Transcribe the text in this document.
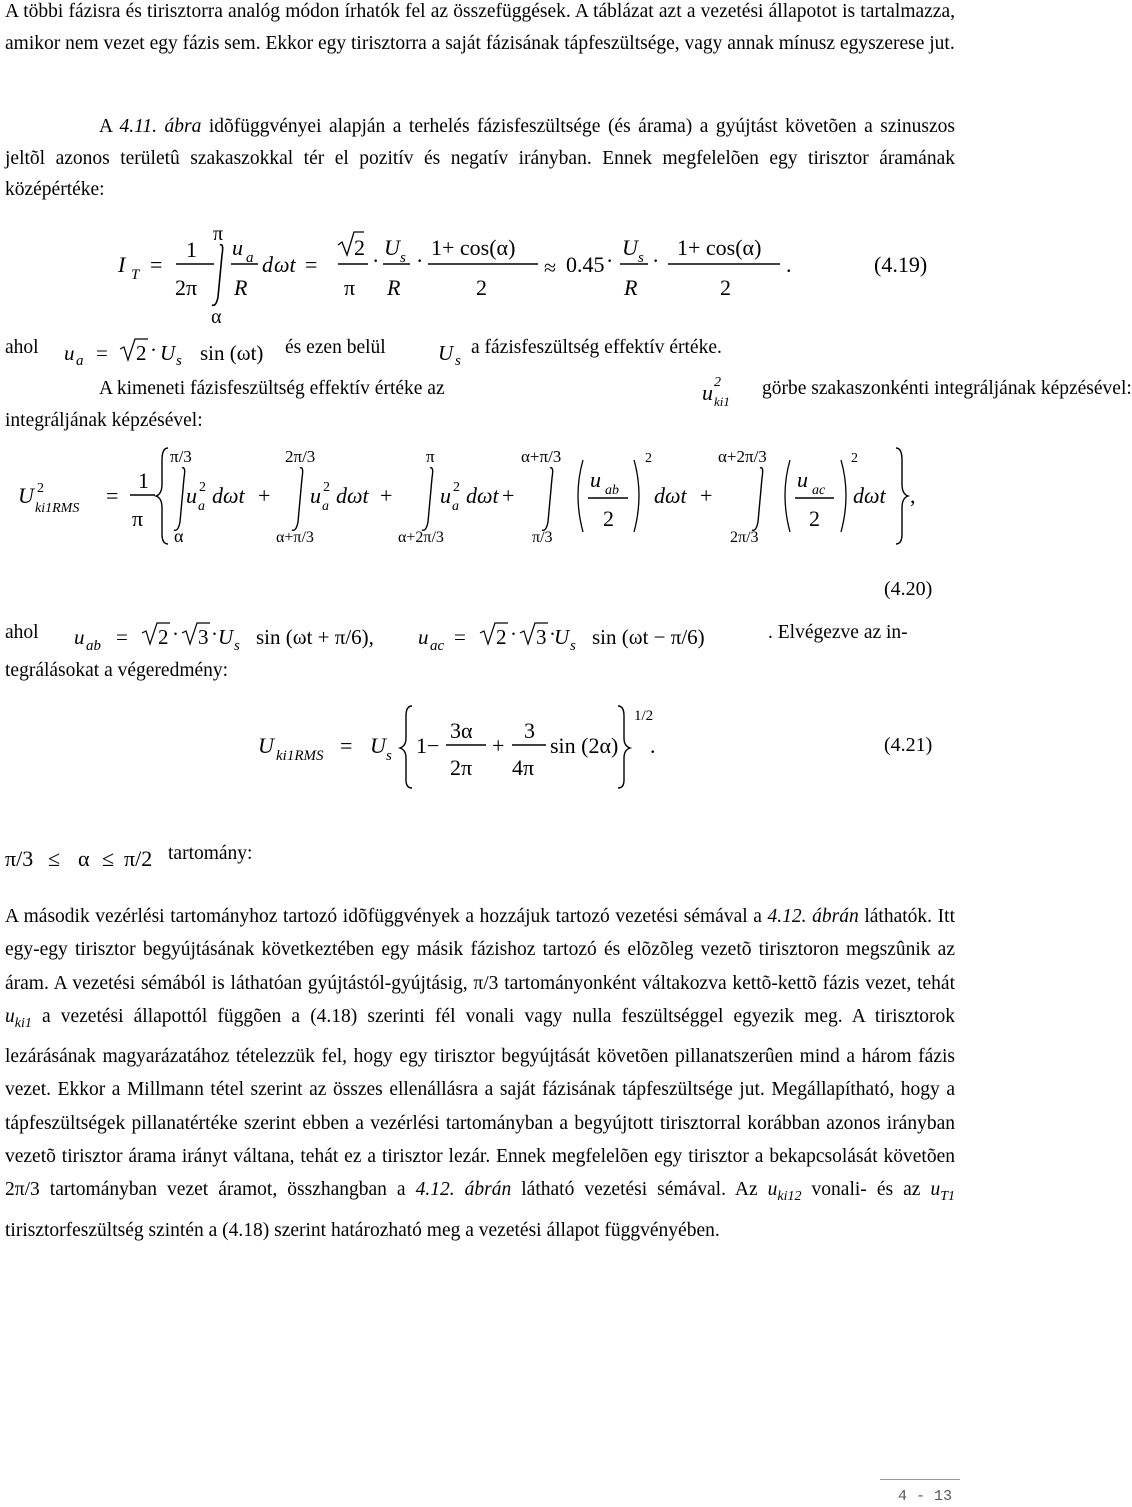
A többi fázisra és tirisztorra analóg módon írhatók fel az összefüggések. A táblázat azt a vezetési állapotot is tartalmazza, amikor nem vezet egy fázis sem. Ekkor egy tirisztorra a saját fázisának tápfeszültsége, vagy annak mínusz egyszerese jut.

A 4.11. ábra idõfüggvényei alapján a terhelés fázisfeszültsége (és árama) a gyújtást követõen a szinuszos jeltõl azonos területû szakaszokkal tér el pozitív és negatív irányban. Ennek megfelelõen egy tirisztor áramának középértéke:

I T =
1
2π
π
α
u a
R
d ωt =
2
π
·
U s
R
·
1+ cos(α)
2
≈ 0.45 ·
U s
R
·
1+ cos(α)
2
.	(4.19)
ahol u a = 2 · U s sin (ωt)	U s
és ezen belül	a fázisfeszültség effektív értéke.
A kimeneti fázisfeszültség effektív értéke az	u 2
ki1
görbe szakaszonkénti integráljának képzésével:
integráljának képzésével:
U 2
ki1RMS
=
1
π
π/3
α
u 2
a dωt +
2π/3
α+π/3
u 2
a dωt +
π
α+2π/3
u 2
a dωt +
α+π/3
π/3
u ab
2
2
dωt +
α+2π/3
2π/3
u ac
2
2
dωt ,
(4.20)
ahol u ab = 2 · 3 · U s sin (ωt + π/6), u ac = 2 · 3 ·
U s sin (ωt − π/6)	. Elvégezve az in-
tegrálásokat a végeredmény:
U ki1RMS = U s 1−
3α
2π
+
3
4π
sin (2α)
1/2
.	(4.21)
π/3 ≤ α ≤ π/2 tartomány:

A második vezérlési tartományhoz tartozó idõfüggvények a hozzájuk tartozó vezetési sémával a 4.12. ábrán láthatók. Itt egy-egy tirisztor begyújtásának következtében egy másik fázishoz tartozó és elõzõleg vezetõ tirisztoron megszûnik az áram. A vezetési sémából is láthatóan gyújtástól-gyújtásig, π/3 tartományonként váltakozva kettõ-kettõ fázis vezet, tehát $u_{ki1}$ a vezetési állapottól függõen a (4.18) szerinti fél vonali vagy nulla feszültséggel egyezik meg. A tirisztorok lezárásának magyarázatához tételezzük fel, hogy egy tirisztor begyújtását követõen pillanatszerûen mind a három fázis vezet. Ekkor a Millmann tétel szerint az összes ellenállásra a saját fázisának tápfeszültsége jut. Megállapítható, hogy a tápfeszültségek pillanatértéke szerint ebben a vezérlési tartományban a begyújtott tirisztorral korábban azonos irányban vezetõ tirisztor árama irányt váltana, tehát ez a tirisztor lezár. Ennek megfelelõen egy tirisztor a bekapcsolását követõen 2π/3 tartományban vezet áramot, összhangban a 4.12. ábrán látható vezetési sémával. Az $u_{ki12}$ vonali- és az $u_{T1}$ tirisztorfeszültség szintén a (4.18) szerint határozható meg a vezetési állapot függvényében.

4 - 13
